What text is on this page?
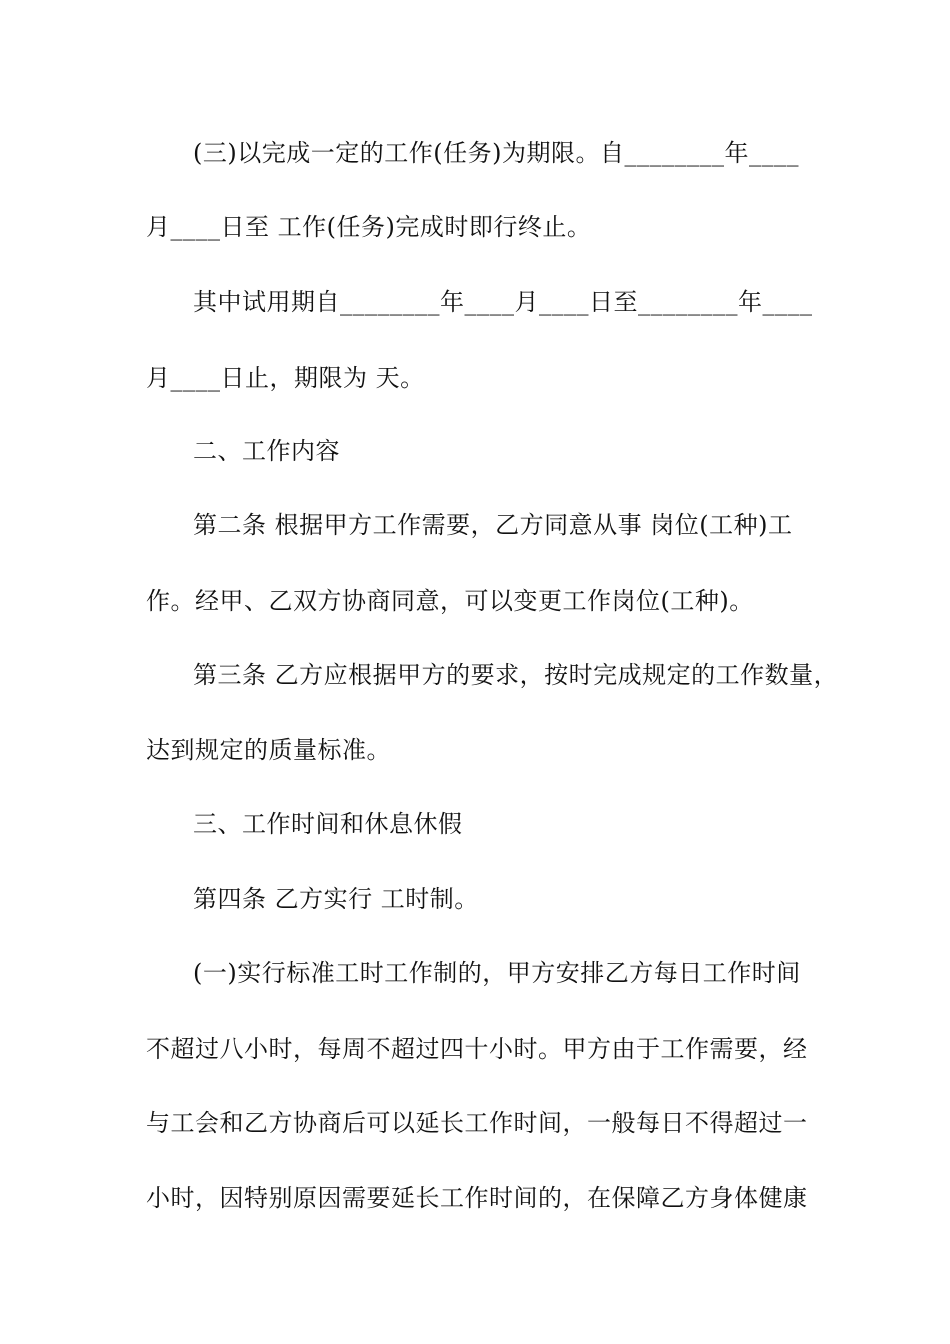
(三)以完成一定的工作(任务)为期限。自________年____
月____日至 工作(任务)完成时即行终止。
其中试用期自________年____月____日至________年____
月____日止，期限为 天。
二、工作内容
第二条 根据甲方工作需要，乙方同意从事 岗位(工种)工
作。经甲、乙双方协商同意，可以变更工作岗位(工种)。
第三条 乙方应根据甲方的要求，按时完成规定的工作数量，
达到规定的质量标准。
三、工作时间和休息休假
第四条 乙方实行 工时制。
(一)实行标准工时工作制的，甲方安排乙方每日工作时间
不超过八小时，每周不超过四十小时。甲方由于工作需要，经
与工会和乙方协商后可以延长工作时间，一般每日不得超过一
小时，因特别原因需要延长工作时间的，在保障乙方身体健康
